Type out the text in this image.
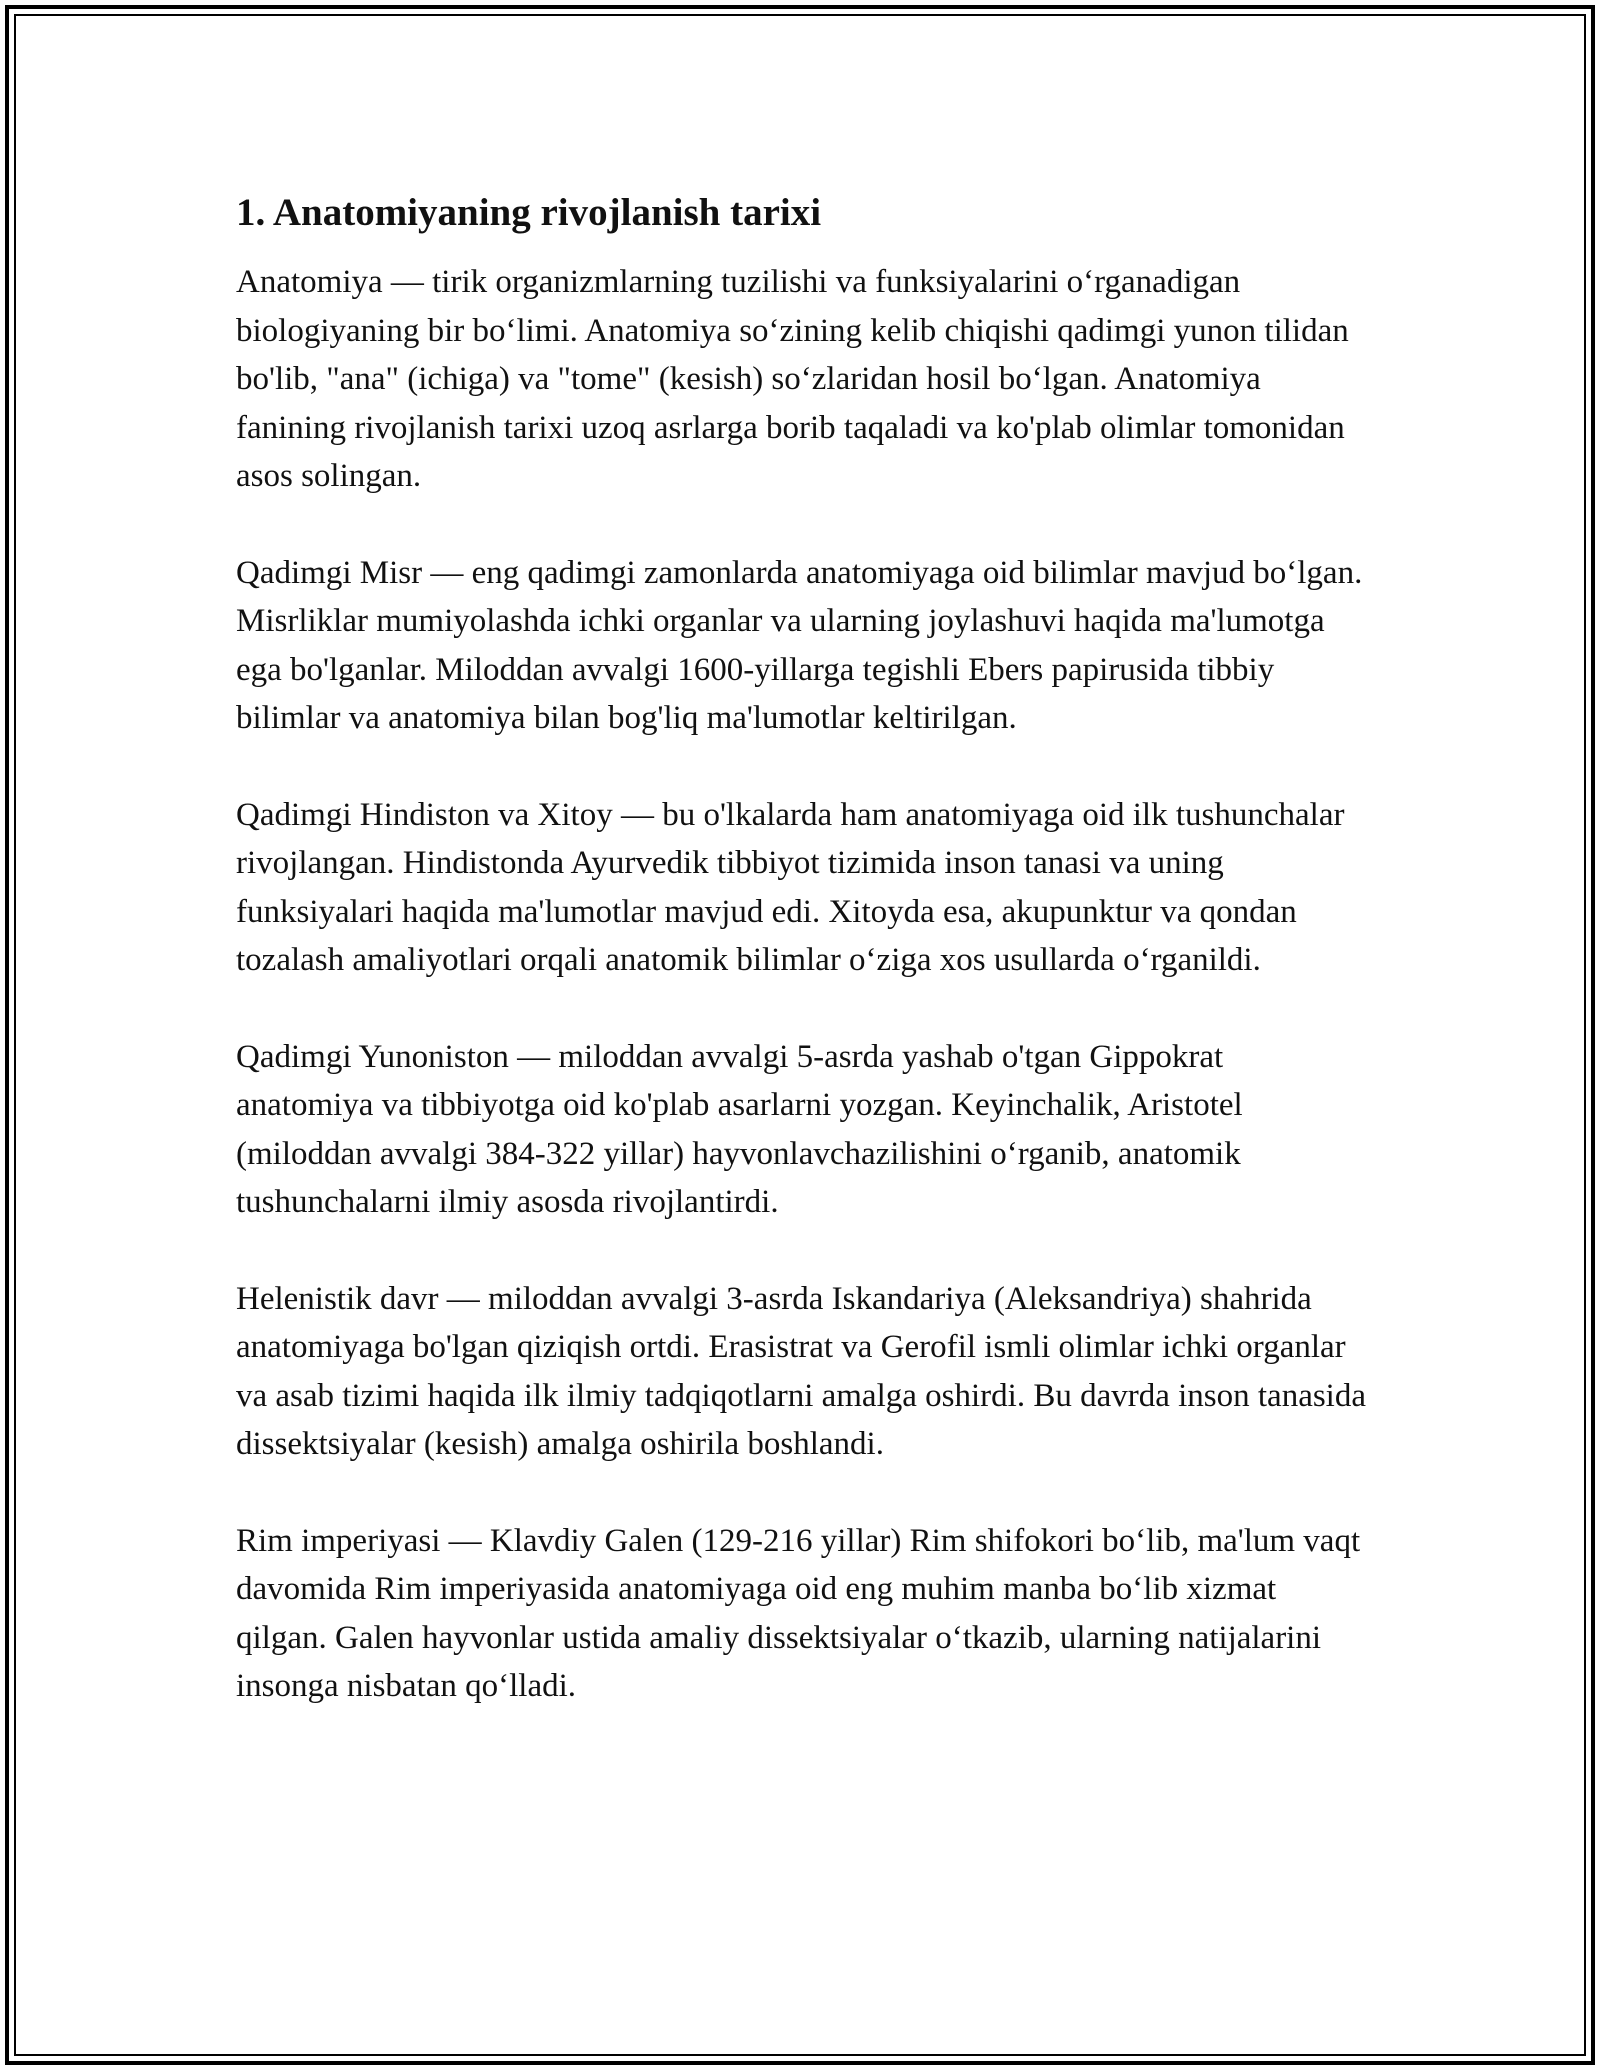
1. Anatomiyaning rivojlanish tarixi

Anatomiya — tirik organizmlarning tuzilishi va funksiyalarini oʻrganadigan biologiyaning bir boʻlimi. Anatomiya soʻzining kelib chiqishi qadimgi yunon tilidan bo'lib, "ana" (ichiga) va "tome" (kesish) soʻzlaridan hosil boʻlgan. Anatomiya fanining rivojlanish tarixi uzoq asrlarga borib taqaladi va ko'plab olimlar tomonidan asos solingan.

Qadimgi Misr — eng qadimgi zamonlarda anatomiyaga oid bilimlar mavjud boʻlgan. Misrliklar mumiyolashda ichki organlar va ularning joylashuvi haqida ma'lumotga ega bo'lganlar. Miloddan avvalgi 1600-yillarga tegishli Ebers papirusida tibbiy bilimlar va anatomiya bilan bog'liq ma'lumotlar keltirilgan.

Qadimgi Hindiston va Xitoy — bu o'lkalarda ham anatomiyaga oid ilk tushunchalar rivojlangan. Hindistonda Ayurvedik tibbiyot tizimida inson tanasi va uning funksiyalari haqida ma'lumotlar mavjud edi. Xitoyda esa, akupunktur va qondan tozalash amaliyotlari orqali anatomik bilimlar oʻziga xos usullarda oʻrganildi.

Qadimgi Yunoniston — miloddan avvalgi 5-asrda yashab o'tgan Gippokrat anatomiya va tibbiyotga oid ko'plab asarlarni yozgan. Keyinchalik, Aristotel (miloddan avvalgi 384-322 yillar) hayvonlavchazilishini oʻrganib, anatomik tushunchalarni ilmiy asosda rivojlantirdi.

Helenistik davr — miloddan avvalgi 3-asrda Iskandariya (Aleksandriya) shahrida anatomiyaga bo'lgan qiziqish ortdi. Erasistrat va Gerofil ismli olimlar ichki organlar va asab tizimi haqida ilk ilmiy tadqiqotlarni amalga oshirdi. Bu davrda inson tanasida dissektsiyalar (kesish) amalga oshirila boshlandi.

Rim imperiyasi — Klavdiy Galen (129-216 yillar) Rim shifokori boʻlib, ma'lum vaqt davomida Rim imperiyasida anatomiyaga oid eng muhim manba boʻlib xizmat qilgan. Galen hayvonlar ustida amaliy dissektsiyalar oʻtkazib, ularning natijalarini insonga nisbatan qoʻlladi.
